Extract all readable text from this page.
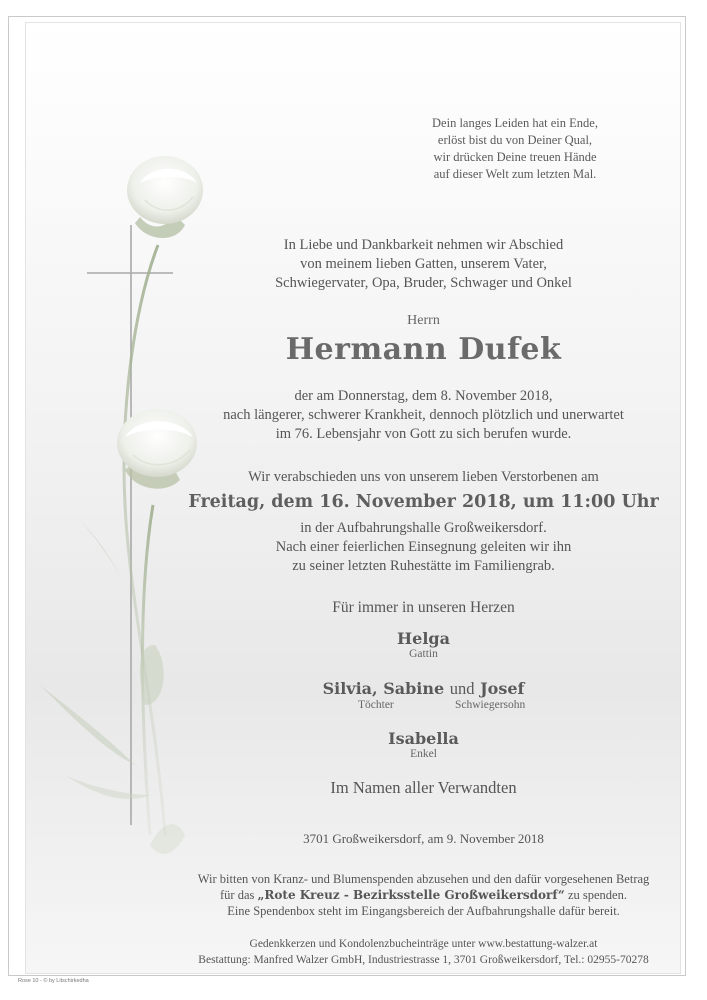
Dein langes Leiden hat ein Ende,
erlöst bist du von Deiner Qual,
wir drücken Deine treuen Hände
auf dieser Welt zum letzten Mal.
In Liebe und Dankbarkeit nehmen wir Abschied
von meinem lieben Gatten, unserem Vater,
Schwiegervater, Opa, Bruder, Schwager und Onkel
Herrn
Hermann Dufek
der am Donnerstag, dem 8. November 2018,
nach längerer, schwerer Krankheit, dennoch plötzlich und unerwartet
im 76. Lebensjahr von Gott zu sich berufen wurde.
Wir verabschieden uns von unserem lieben Verstorbenen am
Freitag, dem 16. November 2018, um 11:00 Uhr
in der Aufbahrungshalle Großweikersdorf.
Nach einer feierlichen Einsegnung geleiten wir ihn
zu seiner letzten Ruhestätte im Familiengrab.
Für immer in unseren Herzen
Helga
Gattin
Silvia, Sabine und Josef
Töchter	Schwiegersohn
Isabella
Enkel
Im Namen aller Verwandten
3701 Großweikersdorf, am 9. November 2018
Wir bitten von Kranz- und Blumenspenden abzusehen und den dafür vorgesehenen Betrag
für das „Rote Kreuz - Bezirksstelle Großweikersdorf“ zu spenden.
Eine Spendenbox steht im Eingangsbereich der Aufbahrungshalle dafür bereit.
Gedenkkerzen und Kondolenzbucheinträge unter www.bestattung-walzer.at
Bestattung: Manfred Walzer GmbH, Industriestrasse 1, 3701 Großweikersdorf, Tel.: 02955-70278
Rose 10 - © by Litschirkedha
